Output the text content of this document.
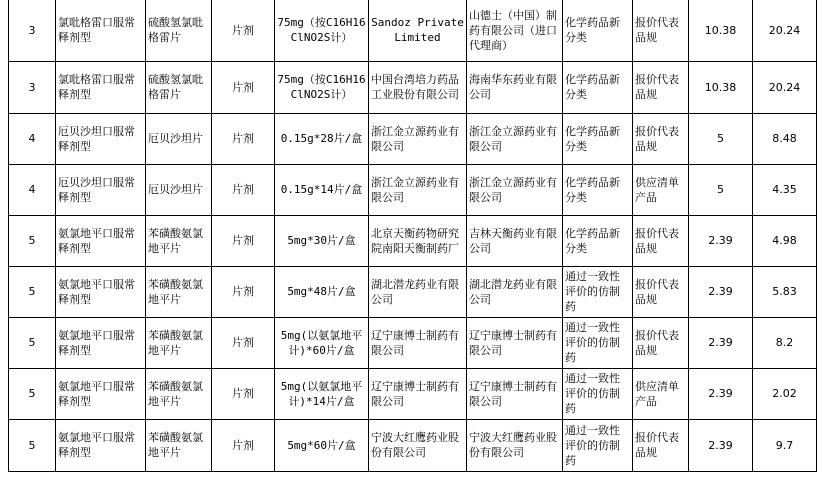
3	氯吡格雷口服常释剂型	硫酸氢氯吡格雷片	片剂	75mg（按C16H16ClNO2S计）	Sandoz Private Limited	山德士（中国）制药有限公司（进口代理商）	化学药品新分类	报价代表品规	10.38	20.24
3	氯吡格雷口服常释剂型	硫酸氢氯吡格雷片	片剂	75mg（按C16H16ClNO2S计）	中国台湾培力药品工业股份有限公司	海南华东药业有限公司	化学药品新分类	报价代表品规	10.38	20.24
4	厄贝沙坦口服常释剂型	厄贝沙坦片	片剂	0.15g*28片/盒	浙江金立源药业有限公司	浙江金立源药业有限公司	化学药品新分类	报价代表品规	5	8.48
4	厄贝沙坦口服常释剂型	厄贝沙坦片	片剂	0.15g*14片/盒	浙江金立源药业有限公司	浙江金立源药业有限公司	化学药品新分类	供应清单产品	5	4.35
5	氨氯地平口服常释剂型	苯磺酸氨氯地平片	片剂	5mg*30片/盒	北京天衡药物研究院南阳天衡制药厂	吉林天衡药业有限公司	化学药品新分类	报价代表品规	2.39	4.98
5	氨氯地平口服常释剂型	苯磺酸氨氯地平片	片剂	5mg*48片/盒	湖北潜龙药业有限公司	湖北潜龙药业有限公司	通过一致性评价的仿制药	报价代表品规	2.39	5.83
5	氨氯地平口服常释剂型	苯磺酸氨氯地平片	片剂	5mg(以氨氯地平计)*60片/盒	辽宁康博士制药有限公司	辽宁康博士制药有限公司	通过一致性评价的仿制药	报价代表品规	2.39	8.2
5	氨氯地平口服常释剂型	苯磺酸氨氯地平片	片剂	5mg(以氨氯地平计)*14片/盒	辽宁康博士制药有限公司	辽宁康博士制药有限公司	通过一致性评价的仿制药	供应清单产品	2.39	2.02
5	氨氯地平口服常释剂型	苯磺酸氨氯地平片	片剂	5mg*60片/盒	宁波大红鹰药业股份有限公司	宁波大红鹰药业股份有限公司	通过一致性评价的仿制药	报价代表品规	2.39	9.7
